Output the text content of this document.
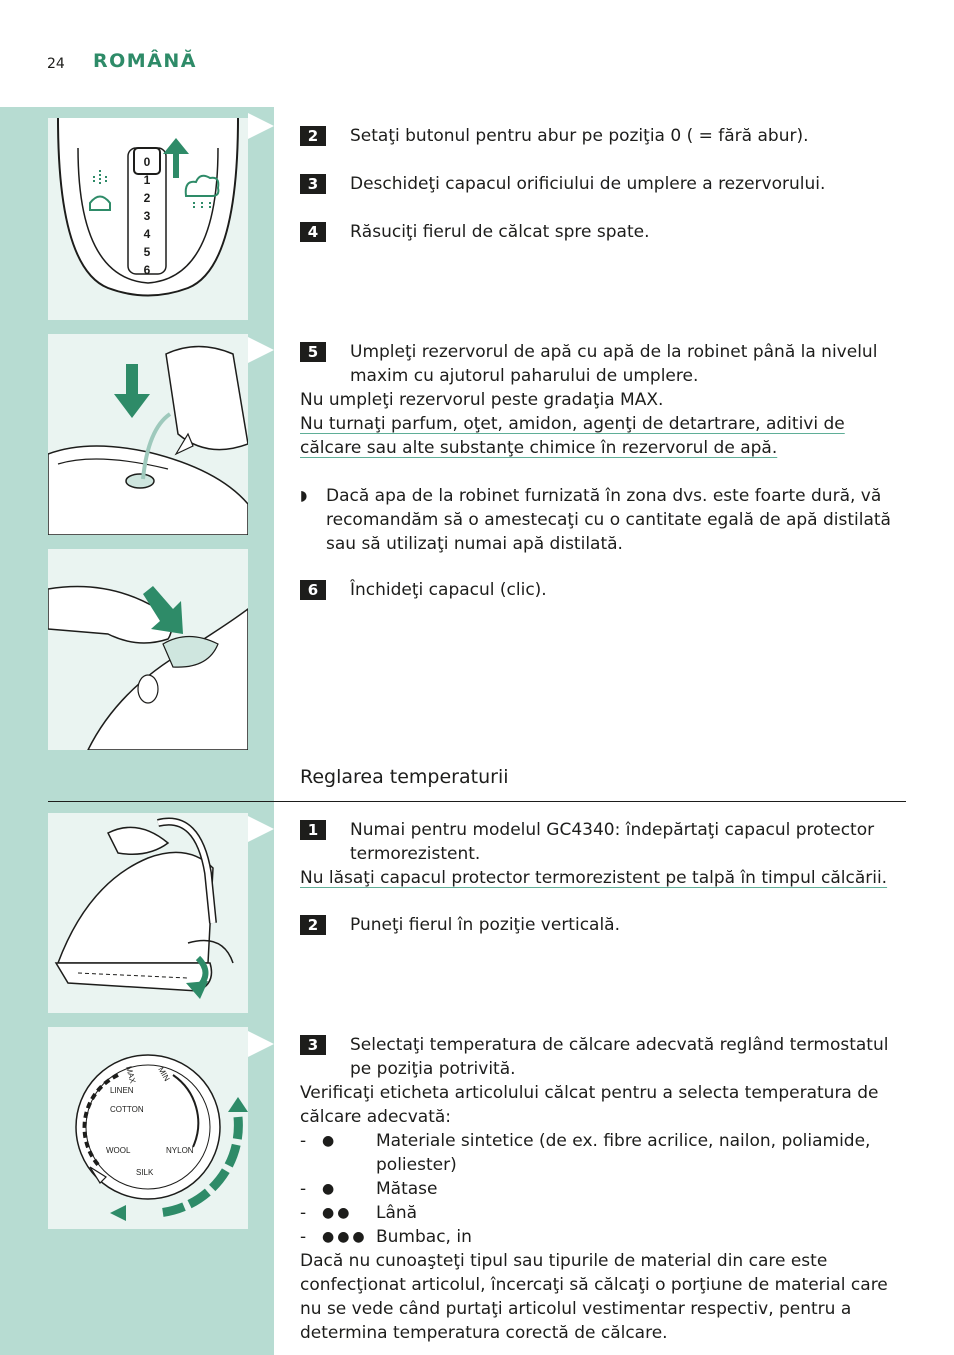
24 ROMÂNĂ
0
1
2
3
4
5
6
2	Setaţi butonul pentru abur pe poziţia 0 ( = fără abur).
3	Deschideţi capacul orificiului de umplere a rezervorului.
4	Răsuciţi fierul de călcat spre spate.
5	Umpleţi rezervorul de apă cu apă de la robinet până la nivelul maxim cu ajutorul paharului de umplere.
Nu umpleţi rezervorul peste gradaţia MAX.
Nu turnaţi parfum, oţet, amidon, agenţi de detartrare, aditivi de călcare sau alte substanţe chimice în rezervorul de apă.
◗	Dacă apa de la robinet furnizată în zona dvs. este foarte dură, vă recomandăm să o amestecaţi cu o cantitate egală de apă distilată sau să utilizaţi numai apă distilată.
6	Închideţi capacul (clic).
Reglarea temperaturii
MIN
MAX
LINEN
COTTON
WOOL	NYLON
SILK
1	Numai pentru modelul GC4340: îndepărtaţi capacul protector termorezistent.
Nu lăsaţi capacul protector termorezistent pe talpă în timpul călcării.
2	Puneţi fierul în poziţie verticală.
3	Selectaţi temperatura de călcare adecvată reglând termostatul pe poziţia potrivită.
Verificaţi eticheta articolului călcat pentru a selecta temperatura de călcare adecvată:
- ● Materiale sintetice (de ex. fibre acrilice, nailon, poliamide, poliester)
- ● Mătase
- ●● Lână
- ●●● Bumbac, in
Dacă nu cunoaşteţi tipul sau tipurile de material din care este confecţionat articolul, încercaţi să călcaţi o porţiune de material care nu se vede când purtaţi articolul vestimentar respectiv, pentru a determina temperatura corectă de călcare.
